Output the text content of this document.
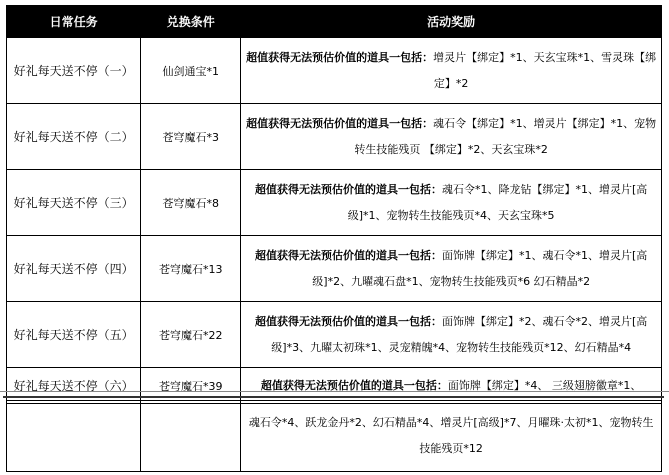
日常任务	兑换条件	活动奖励
好礼每天送不停（一）	仙剑通宝*1	超值获得无法预估价值的道具一包括：增灵片【绑定】*1、天玄宝珠*1、雪灵珠【绑定】*2
好礼每天送不停（二）	苍穹魔石*3	超值获得无法预估价值的道具一包括：魂石令【绑定】*1、增灵片【绑定】*1、宠物转生技能残页 【绑定】*2、天玄宝珠*2
好礼每天送不停（三）	苍穹魔石*8	超值获得无法预估价值的道具一包括：魂石令*1、降龙钻【绑定】*1、增灵片[高级]*1、宠物转生技能残页*4、天玄宝珠*5
好礼每天送不停（四）	苍穹魔石*13	超值获得无法预估价值的道具一包括：面饰牌【绑定】*1、魂石令*1、增灵片[高级]*2、九曜魂石盘*1、宠物转生技能残页*6 幻石精晶*2
好礼每天送不停（五）	苍穹魔石*22	超值获得无法预估价值的道具一包括：面饰牌【绑定】*2、魂石令*2、增灵片[高级]*3、九曜太初珠*1、灵宠精魄*4、宠物转生技能残页*12、幻石精晶*4
好礼每天送不停（六）	苍穹魔石*39	超值获得无法预估价值的道具一包括：面饰牌【绑定】*4、 三级翅膀徽章*1、
		魂石令*4、跃龙金丹*2、幻石精晶*4、增灵片[高级]*7、月曜珠·太初*1、宠物转生技能残页*12
